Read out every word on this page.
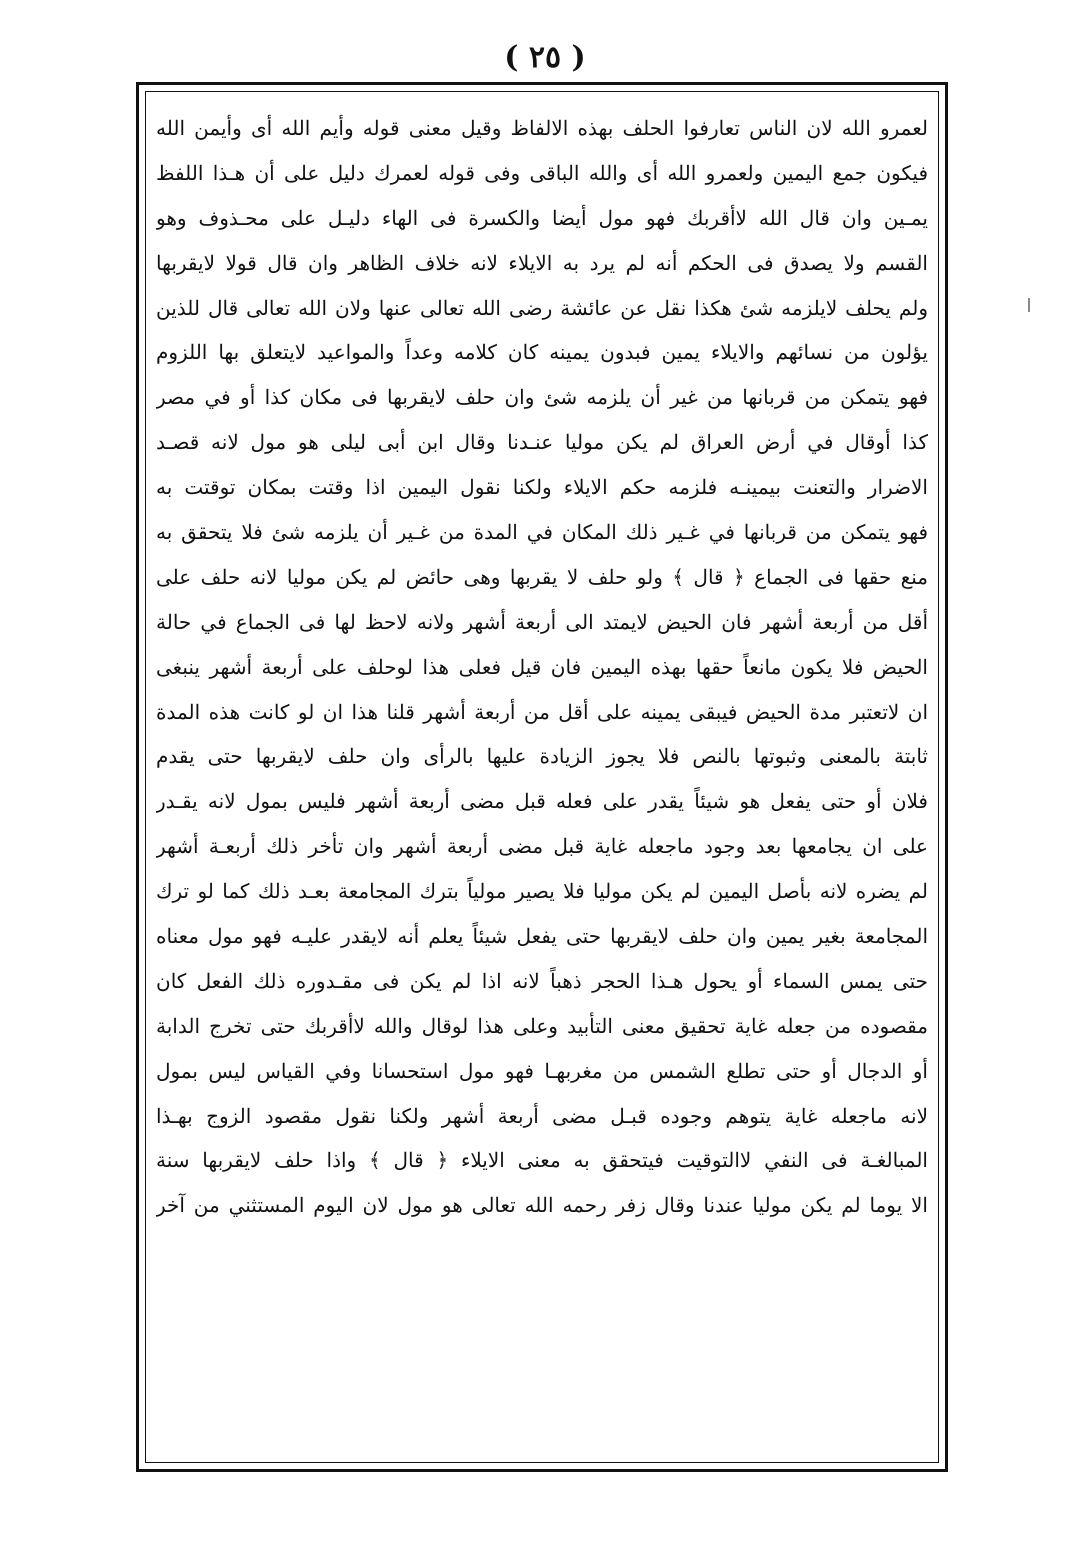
( ٢٥ )
لعمرو الله لان الناس تعارفوا الحلف بهذه الالفاظ وقيل معنى قوله وأيم الله أى وأيمن الله
فيكون جمع اليمين ولعمرو الله أى والله الباقى وفى قوله لعمرك دليل على أن هـذا اللفظ
يمـين وان قال الله لاأقربك فهو مول أيضا والكسرة فى الهاء دليـل على محـذوف وهو
القسم ولا يصدق فى الحكم أنه لم يرد به الايلاء لانه خلاف الظاهر وان قال قولا لايقربها
ولم يحلف لايلزمه شئ هكذا نقل عن عائشة رضى الله تعالى عنها ولان الله تعالى قال للذين
يؤلون من نسائهم والايلاء يمين فبدون يمينه كان كلامه وعداً والمواعيد لايتعلق بها اللزوم
فهو يتمكن من قربانها من غير أن يلزمه شئ وان حلف لايقربها فى مكان كذا أو في مصر
كذا أوقال في أرض العراق لم يكن موليا عنـدنا وقال ابن أبى ليلى هو مول لانه قصـد
الاضرار والتعنت بيمينـه فلزمه حكم الايلاء ولكنا نقول اليمين اذا وقتت بمكان توقتت به
فهو يتمكن من قربانها في غـير ذلك المكان في المدة من غـير أن يلزمه شئ فلا يتحقق به
منع حقها فى الجماع ﴿ قال ﴾ ولو حلف لا يقربها وهى حائض لم يكن موليا لانه حلف على
أقل من أربعة أشهر فان الحيض لايمتد الى أربعة أشهر ولانه لاحظ لها فى الجماع في حالة
الحيض فلا يكون مانعاً حقها بهذه اليمين فان قيل فعلى هذا لوحلف على أربعة أشهر ينبغى
ان لاتعتبر مدة الحيض فيبقى يمينه على أقل من أربعة أشهر قلنا هذا ان لو كانت هذه المدة
ثابتة بالمعنى وثبوتها بالنص فلا يجوز الزيادة عليها بالرأى وان حلف لايقربها حتى يقدم
فلان أو حتى يفعل هو شيئاً يقدر على فعله قبل مضى أربعة أشهر فليس بمول لانه يقـدر
على ان يجامعها بعد وجود ماجعله غاية قبل مضى أربعة أشهر وان تأخر ذلك أربعـة أشهر
لم يضره لانه بأصل اليمين لم يكن موليا فلا يصير مولياً بترك المجامعة بعـد ذلك كما لو ترك
المجامعة بغير يمين وان حلف لايقربها حتى يفعل شيئاً يعلم أنه لايقدر عليـه فهو مول معناه
حتى يمس السماء أو يحول هـذا الحجر ذهباً لانه اذا لم يكن فى مقـدوره ذلك الفعل كان
مقصوده من جعله غاية تحقيق معنى التأبيد وعلى هذا لوقال والله لاأقربك حتى تخرج الدابة
أو الدجال أو حتى تطلع الشمس من مغربهـا فهو مول استحسانا وفي القياس ليس بمول
لانه ماجعله غاية يتوهم وجوده قبـل مضى أربعة أشهر ولكنا نقول مقصود الزوج بهـذا
المبالغـة فى النفي لاالتوقيت فيتحقق به معنى الايلاء ﴿ قال ﴾ واذا حلف لايقربها سنة
الا يوما لم يكن موليا عندنا وقال زفر رحمه الله تعالى هو مول لان اليوم المستثني من آخر
